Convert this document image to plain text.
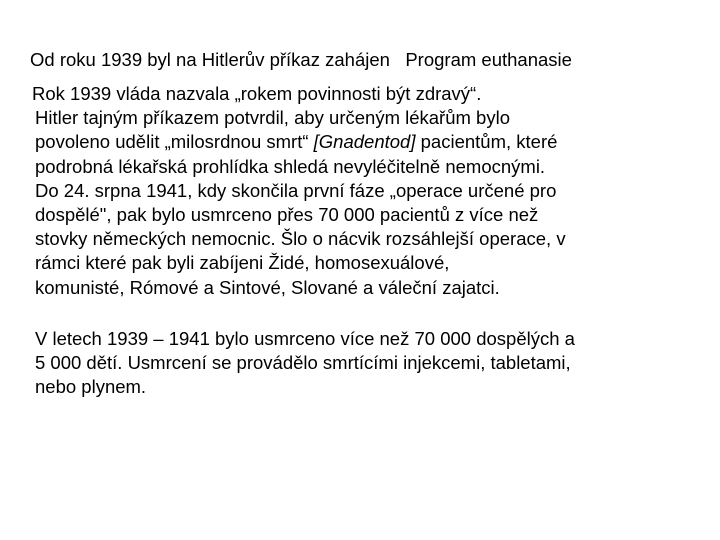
Od roku 1939 byl na Hitlerův příkaz zahájen Program euthanasie
Rok 1939 vláda nazvala „rokem povinnosti být zdravý“.
Hitler tajným příkazem potvrdil, aby určeným lékařům bylo
povoleno udělit „milosrdnou smrt“ [Gnadentod] pacientům, které
podrobná lékařská prohlídka shledá nevyléčitelně nemocnými.
Do 24. srpna 1941, kdy skončila první fáze „operace určené pro
dospělé", pak bylo usmrceno přes 70 000 pacientů z více než
stovky německých nemocnic. Šlo o nácvik rozsáhlejší operace, v
rámci které pak byli zabíjeni Židé, homosexuálové,
komunisté, Rómové a Sintové, Slované a váleční zajatci.
V letech 1939 – 1941 bylo usmrceno více než 70 000 dospělých a
5 000 dětí. Usmrcení se provádělo smrtícími injekcemi, tabletami,
nebo plynem.
